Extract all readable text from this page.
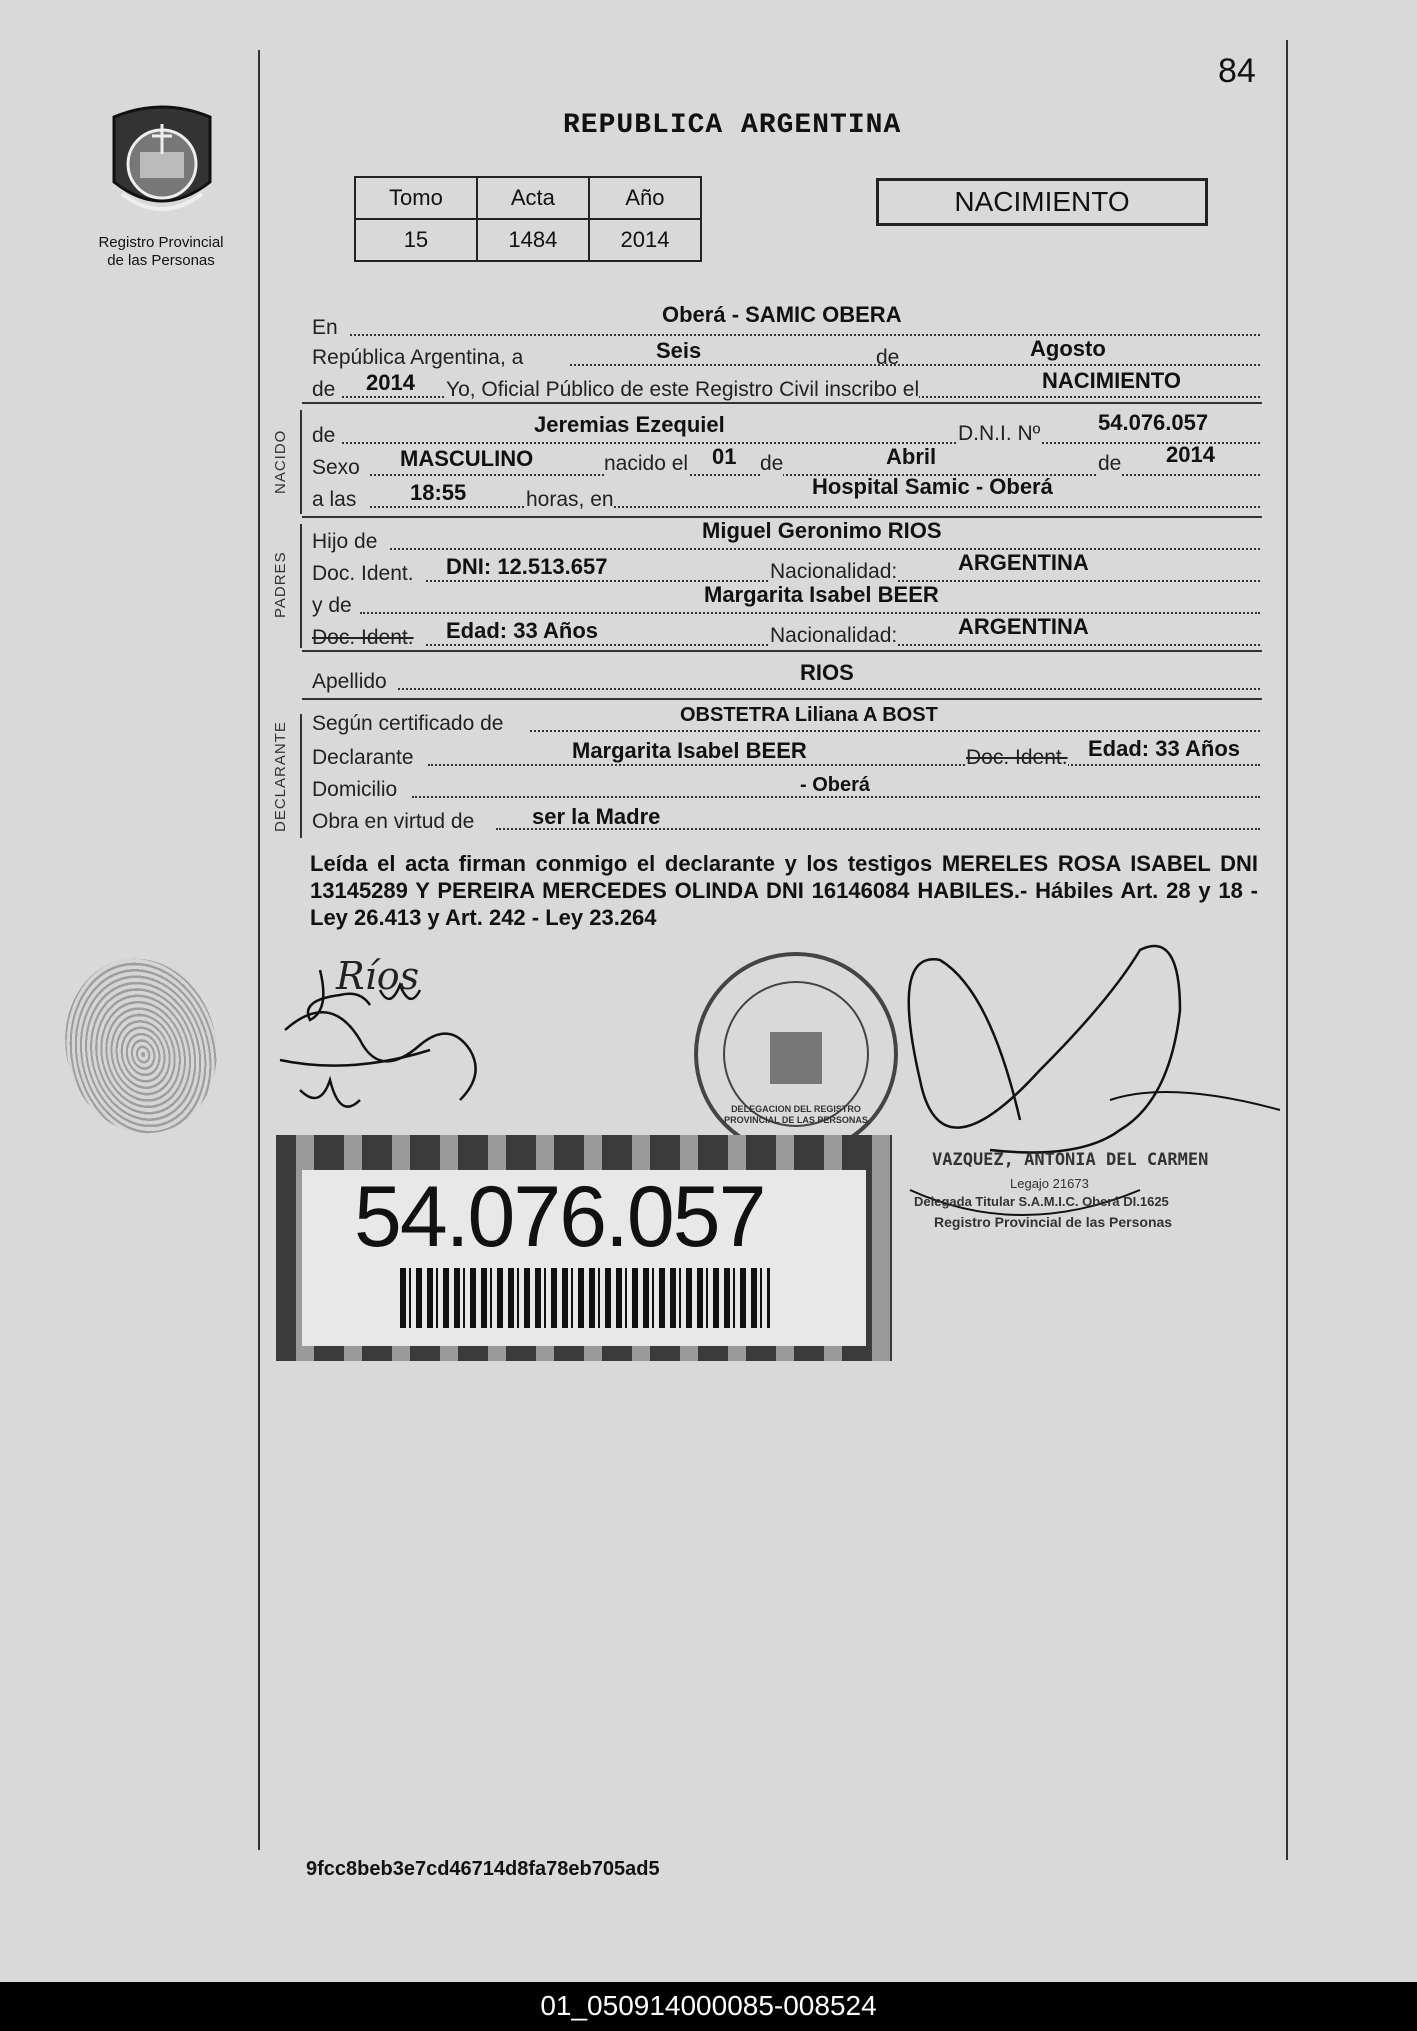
84
Registro Provincial
de las Personas
REPUBLICA ARGENTINA
Tomo	Acta	Año
15	1484	2014
NACIMIENTO
En
Oberá - SAMIC OBERA
República Argentina, a	Seis	de	Agosto
de 2014 Yo, Oficial Público de este Registro Civil inscribo el	NACIMIENTO
NACIDO de	Jeremias Ezequiel	D.N.I. Nº	54.076.057
Sexo MASCULINO	nacido el 01 de	Abril	de 2014
a las 18:55	horas, en
Hospital Samic - Oberá
PADRES
Hijo de	Miguel Geronimo RIOS
Doc. Ident. DNI: 12.513.657	Nacionalidad:	ARGENTINA
y de	Margarita Isabel BEER
Doc. Ident. Edad: 33 Años	Nacionalidad:	ARGENTINA
Apellido	RIOS
DECLARANTE Según certificado de	OBSTETRA Liliana A BOST
Declarante	Margarita Isabel BEER	Doc. Ident. Edad: 33 Años
Domicilio	- Oberá
Obra en virtud de	ser la Madre
Leída el acta firman conmigo el declarante y los testigos MERELES ROSA ISABEL DNI 13145289 Y PEREIRA MERCEDES OLINDA DNI 16146084 HABILES.- Hábiles Art. 28 y 18 - Ley 26.413 y Art. 242 - Ley 23.264
Ríos
DELEGACION DEL REGISTRO PROVINCIAL DE LAS PERSONAS
VAZQUEZ, ANTONIA DEL CARMEN
Legajo 21673
Delegada Titular S.A.M.I.C. Oberá DI.1625
Registro Provincial de las Personas
54.076.057
9fcc8beb3e7cd46714d8fa78eb705ad5
01_050914000085-008524
